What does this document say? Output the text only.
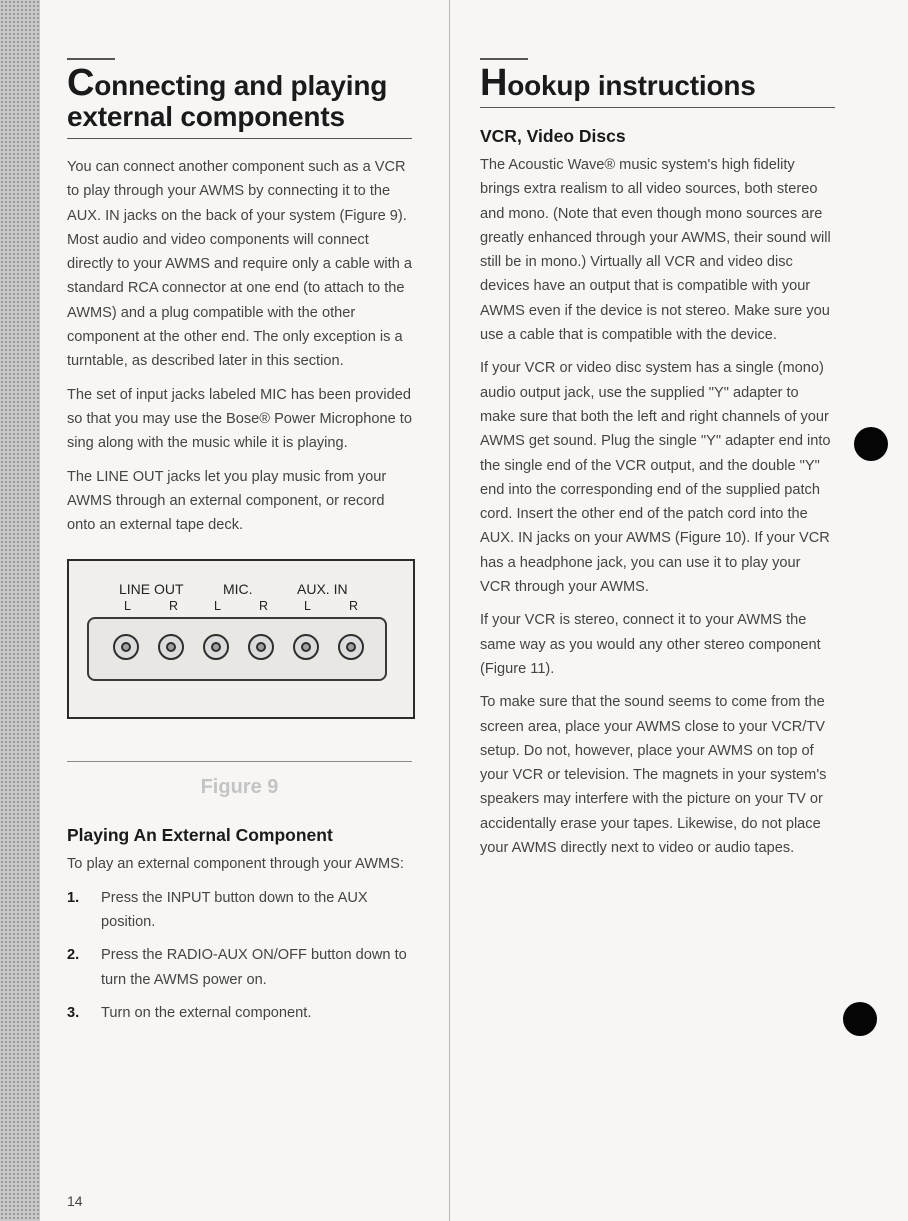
Connecting and playing external components

You can connect another component such as a VCR to play through your AWMS by connecting it to the AUX. IN jacks on the back of your system (Figure 9). Most audio and video components will connect directly to your AWMS and require only a cable with a standard RCA connector at one end (to attach to the AWMS) and a plug compatible with the other component at the other end. The only exception is a turntable, as described later in this section.

The set of input jacks labeled MIC has been provided so that you may use the Bose® Power Microphone to sing along with the music while it is playing.

The LINE OUT jacks let you play music from your AWMS through an external component, or record onto an external tape deck.

LINE OUT	MIC.	AUX. IN
L	R	L	R	L	R
Figure 9
Playing An External Component

To play an external component through your AWMS:

1. Press the INPUT button down to the AUX position.
2. Press the RADIO-AUX ON/OFF button down to turn the AWMS power on.
3. Turn on the external component.
14
Hookup instructions
VCR, Video Discs

The Acoustic Wave® music system's high fidelity brings extra realism to all video sources, both stereo and mono. (Note that even though mono sources are greatly enhanced through your AWMS, their sound will still be in mono.) Virtually all VCR and video disc devices have an output that is compatible with your AWMS even if the device is not stereo. Make sure you use a cable that is compatible with the device.

If your VCR or video disc system has a single (mono) audio output jack, use the supplied "Y" adapter to make sure that both the left and right channels of your AWMS get sound. Plug the single "Y" adapter end into the single end of the VCR output, and the double "Y" end into the corresponding end of the supplied patch cord. Insert the other end of the patch cord into the AUX. IN jacks on your AWMS (Figure 10). If your VCR has a headphone jack, you can use it to play your VCR through your AWMS.

If your VCR is stereo, connect it to your AWMS the same way as you would any other stereo component (Figure 11).

To make sure that the sound seems to come from the screen area, place your AWMS close to your VCR/TV setup. Do not, however, place your AWMS on top of your VCR or television. The magnets in your system's speakers may interfere with the picture on your TV or accidentally erase your tapes. Likewise, do not place your AWMS directly next to video or audio tapes.
